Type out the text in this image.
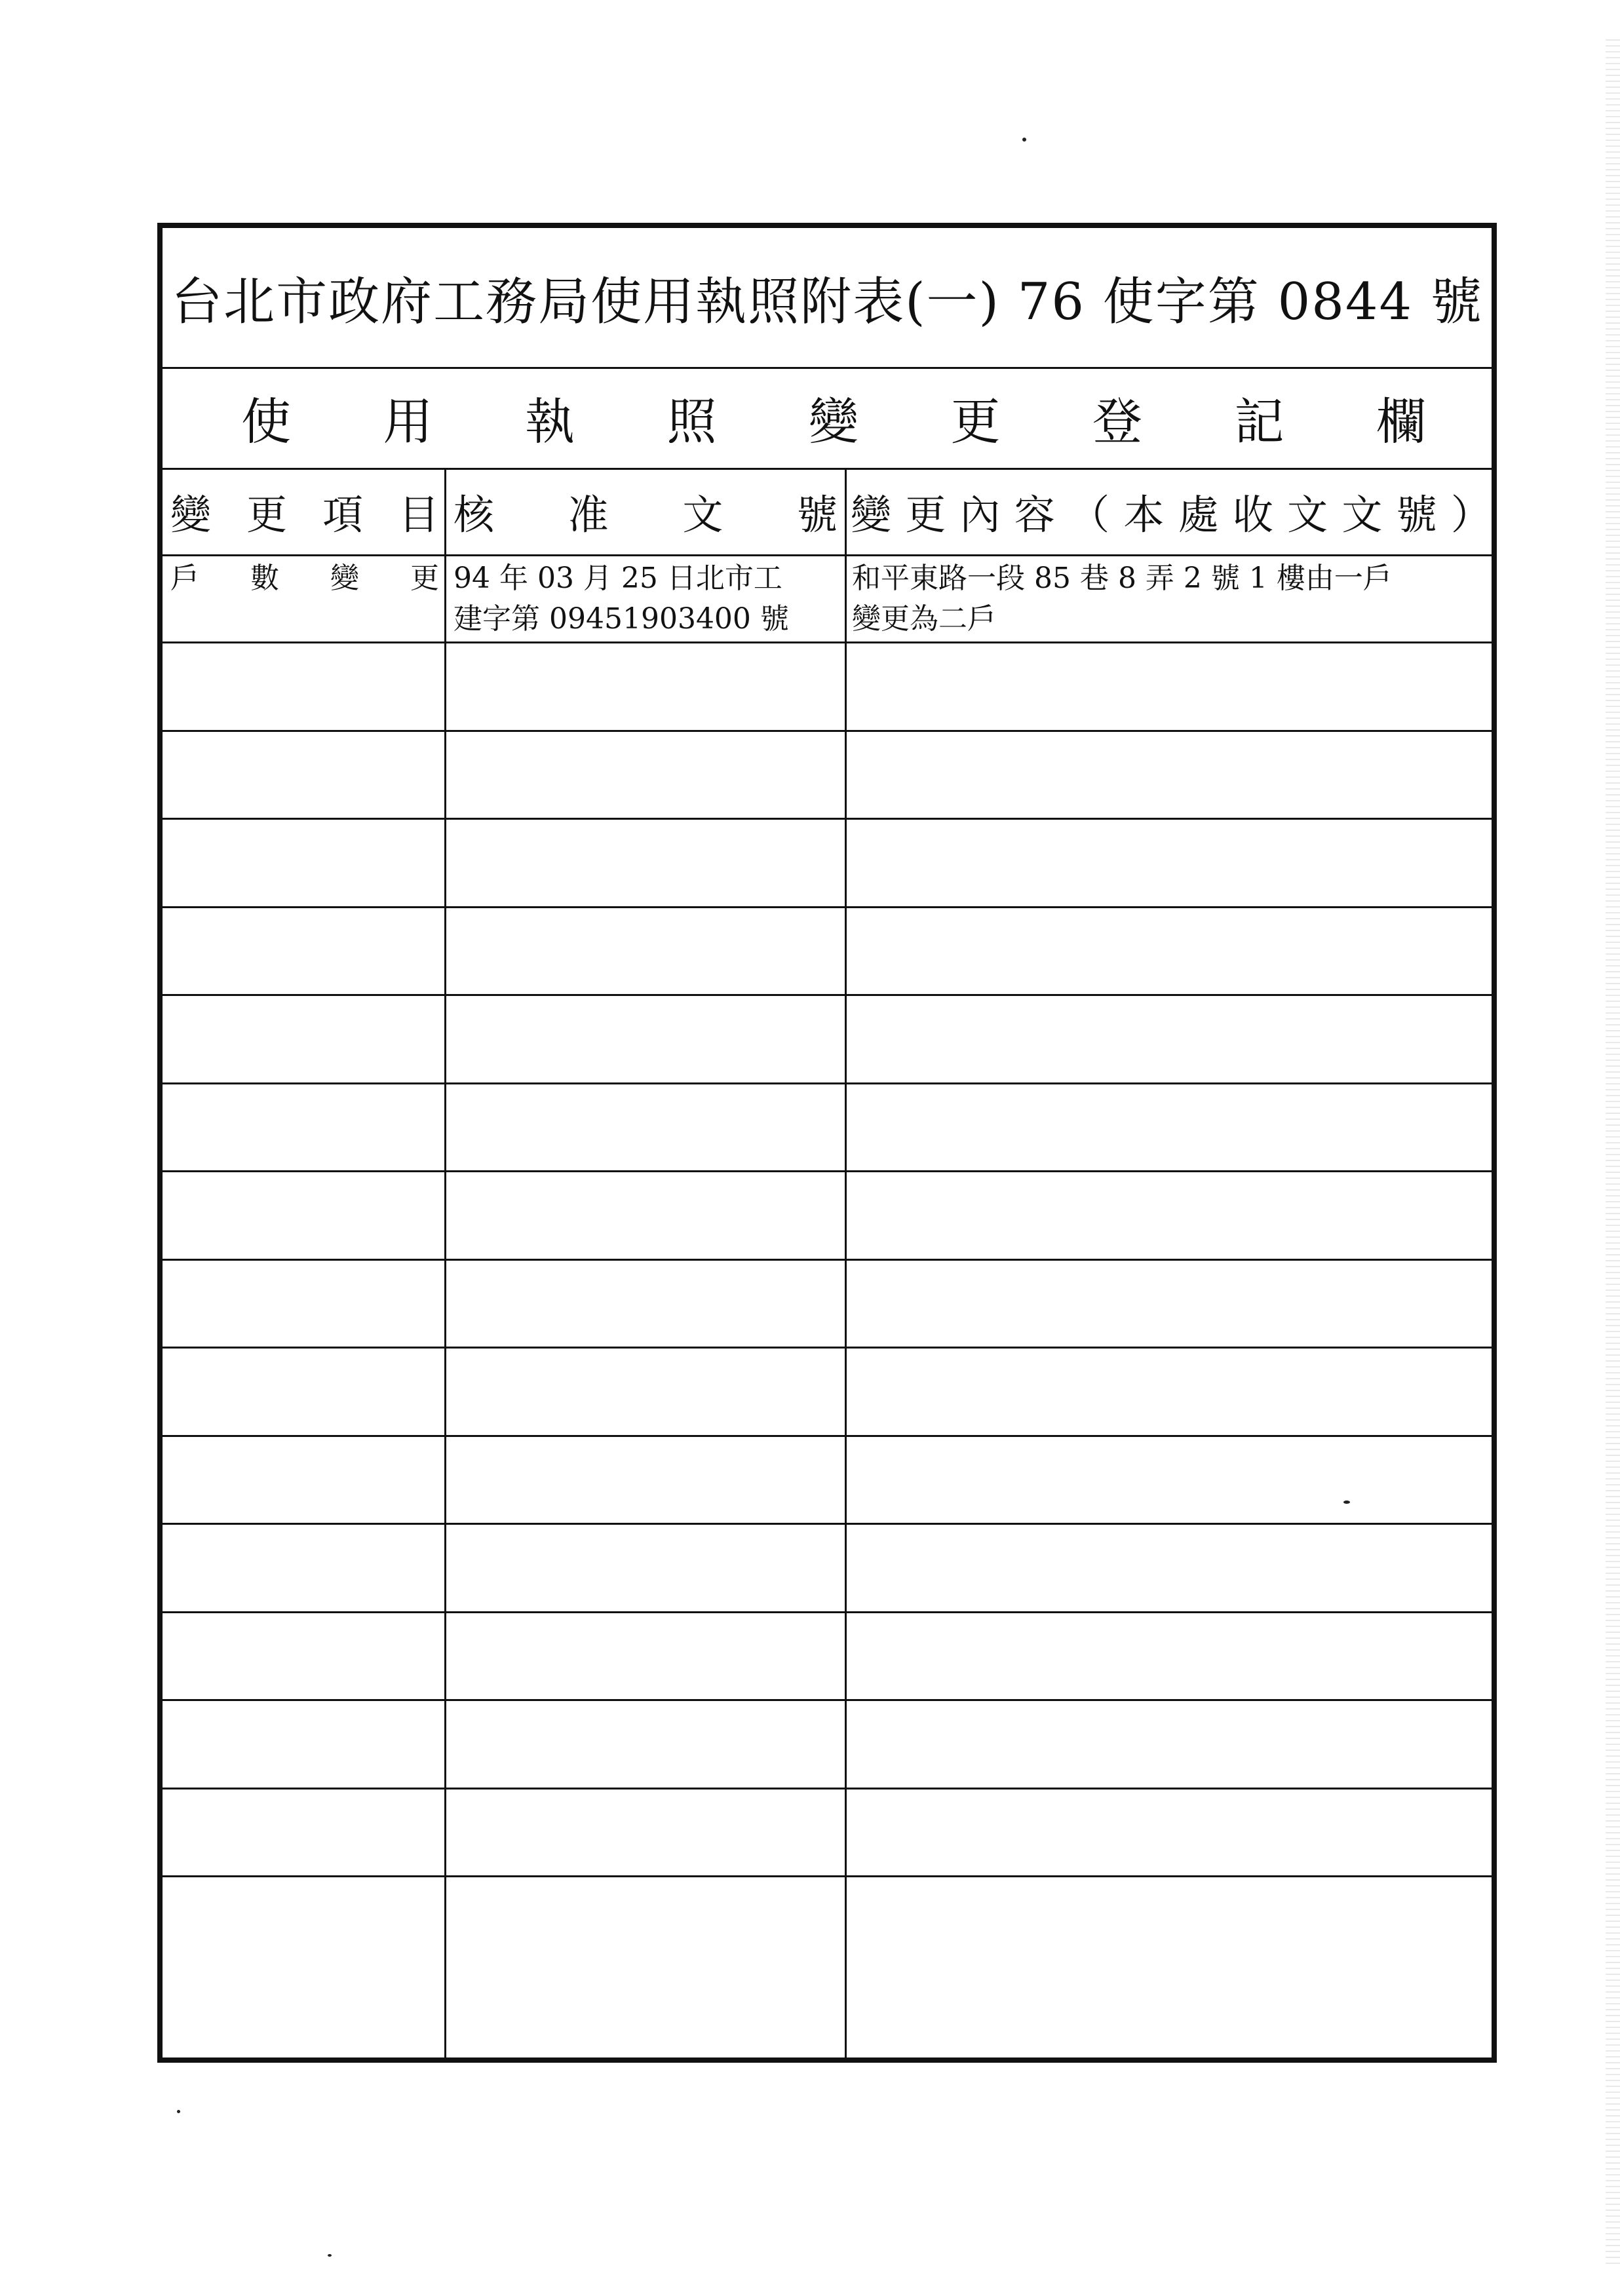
台北市政府工務局使用執照附表(一) 76 使字第 0844 號
使 用 執 照 變 更 登 記 欄
變 更 項 目 核 准 文 號 變 更 內 容 （ 本 處 收 文 文 號 ）
戶 數 變 更 94 年 03 月 25 日北市工
建字第 09451903400 號
和平東路一段 85 巷 8 弄 2 號 1 樓由一戶
變更為二戶
